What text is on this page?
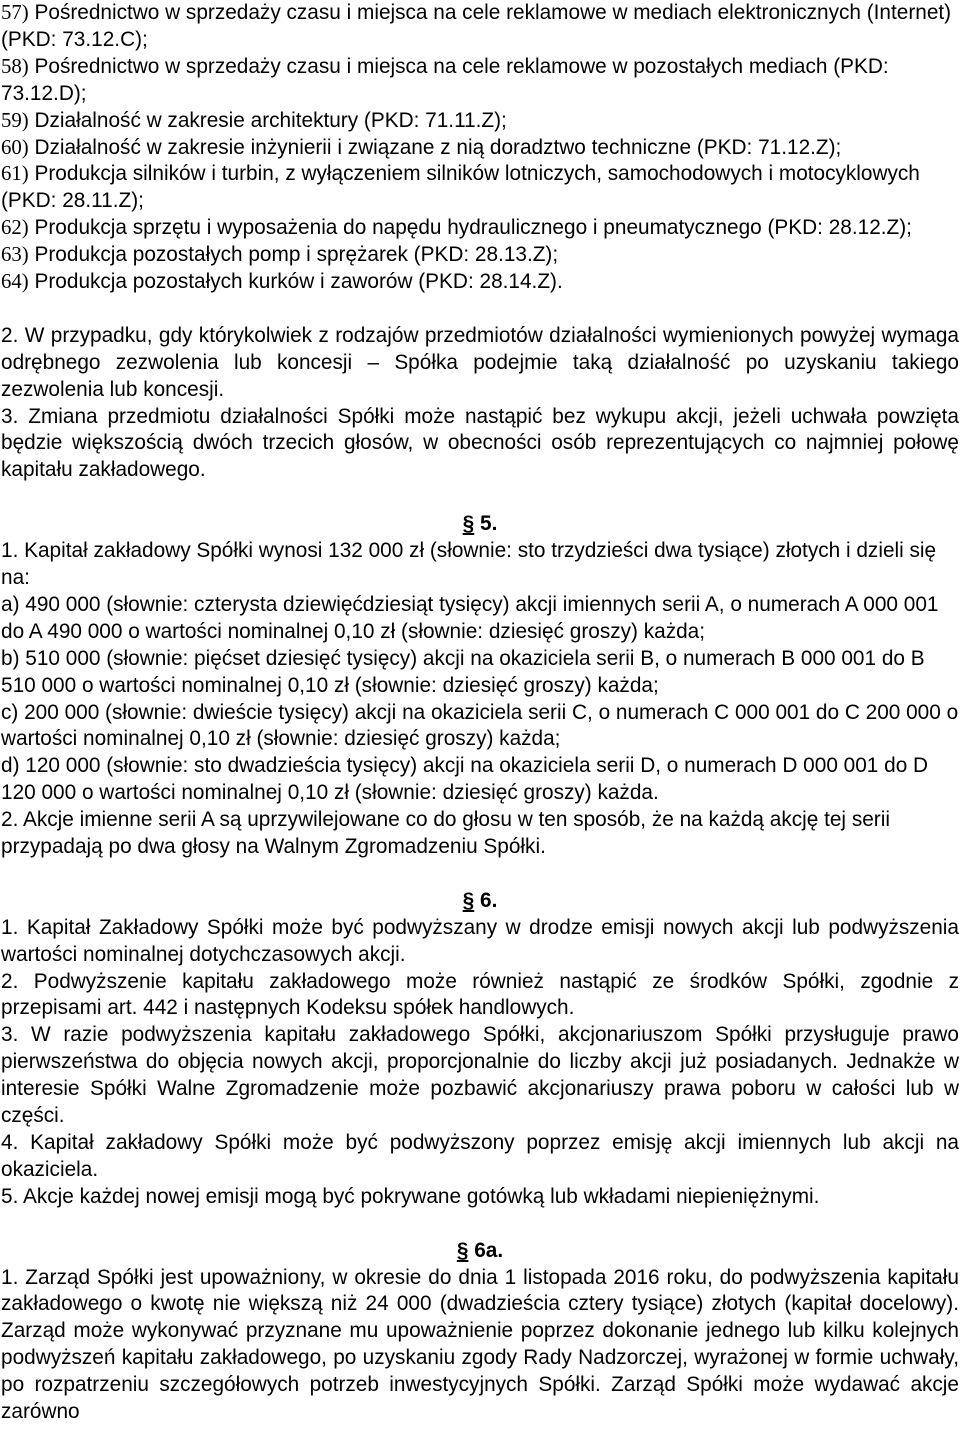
57) Pośrednictwo w sprzedaży czasu i miejsca na cele reklamowe w mediach elektronicznych (Internet) (PKD: 73.12.C);

58) Pośrednictwo w sprzedaży czasu i miejsca na cele reklamowe w pozostałych mediach (PKD: 73.12.D);

59) Działalność w zakresie architektury (PKD: 71.11.Z);

60) Działalność w zakresie inżynierii i związane z nią doradztwo techniczne (PKD: 71.12.Z);

61) Produkcja silników i turbin, z wyłączeniem silników lotniczych, samochodowych i motocyklowych (PKD: 28.11.Z);

62) Produkcja sprzętu i wyposażenia do napędu hydraulicznego i pneumatycznego (PKD: 28.12.Z);

63) Produkcja pozostałych pomp i sprężarek (PKD: 28.13.Z);

64) Produkcja pozostałych kurków i zaworów (PKD: 28.14.Z).

2. W przypadku, gdy którykolwiek z rodzajów przedmiotów działalności wymienionych powyżej wymaga odrębnego zezwolenia lub koncesji – Spółka podejmie taką działalność po uzyskaniu takiego zezwolenia lub koncesji.

3. Zmiana przedmiotu działalności Spółki może nastąpić bez wykupu akcji, jeżeli uchwała powzięta będzie większością dwóch trzecich głosów, w obecności osób reprezentujących co najmniej połowę kapitału zakładowego.

§ 5.

1. Kapitał zakładowy Spółki wynosi 132 000 zł (słownie: sto trzydzieści dwa tysiące) złotych i dzieli się na:

a) 490 000 (słownie: czterysta dziewięćdziesiąt tysięcy) akcji imiennych serii A, o numerach A 000 001 do A 490 000 o wartości nominalnej 0,10 zł (słownie: dziesięć groszy) każda;

b) 510 000 (słownie: pięćset dziesięć tysięcy) akcji na okaziciela serii B, o numerach B 000 001 do B 510 000 o wartości nominalnej 0,10 zł (słownie: dziesięć groszy) każda;

c) 200 000 (słownie: dwieście tysięcy) akcji na okaziciela serii C, o numerach C 000 001 do C 200 000 o wartości nominalnej 0,10 zł (słownie: dziesięć groszy) każda;

d) 120 000 (słownie: sto dwadzieścia tysięcy) akcji na okaziciela serii D, o numerach D 000 001 do D 120 000 o wartości nominalnej 0,10 zł (słownie: dziesięć groszy) każda.

2. Akcje imienne serii A są uprzywilejowane co do głosu w ten sposób, że na każdą akcję tej serii przypadają po dwa głosy na Walnym Zgromadzeniu Spółki.

§ 6.

1. Kapitał Zakładowy Spółki może być podwyższany w drodze emisji nowych akcji lub podwyższenia wartości nominalnej dotychczasowych akcji.

2. Podwyższenie kapitału zakładowego może również nastąpić ze środków Spółki, zgodnie z przepisami art. 442 i następnych Kodeksu spółek handlowych.

3. W razie podwyższenia kapitału zakładowego Spółki, akcjonariuszom Spółki przysługuje prawo pierwszeństwa do objęcia nowych akcji, proporcjonalnie do liczby akcji już posiadanych. Jednakże w interesie Spółki Walne Zgromadzenie może pozbawić akcjonariuszy prawa poboru w całości lub w części.

4. Kapitał zakładowy Spółki może być podwyższony poprzez emisję akcji imiennych lub akcji na okaziciela.

5. Akcje każdej nowej emisji mogą być pokrywane gotówką lub wkładami niepieniężnymi.

§ 6a.

1. Zarząd Spółki jest upoważniony, w okresie do dnia 1 listopada 2016 roku, do podwyższenia kapitału zakładowego o kwotę nie większą niż 24 000 (dwadzieścia cztery tysiące) złotych (kapitał docelowy). Zarząd może wykonywać przyznane mu upoważnienie poprzez dokonanie jednego lub kilku kolejnych podwyższeń kapitału zakładowego, po uzyskaniu zgody Rady Nadzorczej, wyrażonej w formie uchwały, po rozpatrzeniu szczegółowych potrzeb inwestycyjnych Spółki. Zarząd Spółki może wydawać akcje zarówno
